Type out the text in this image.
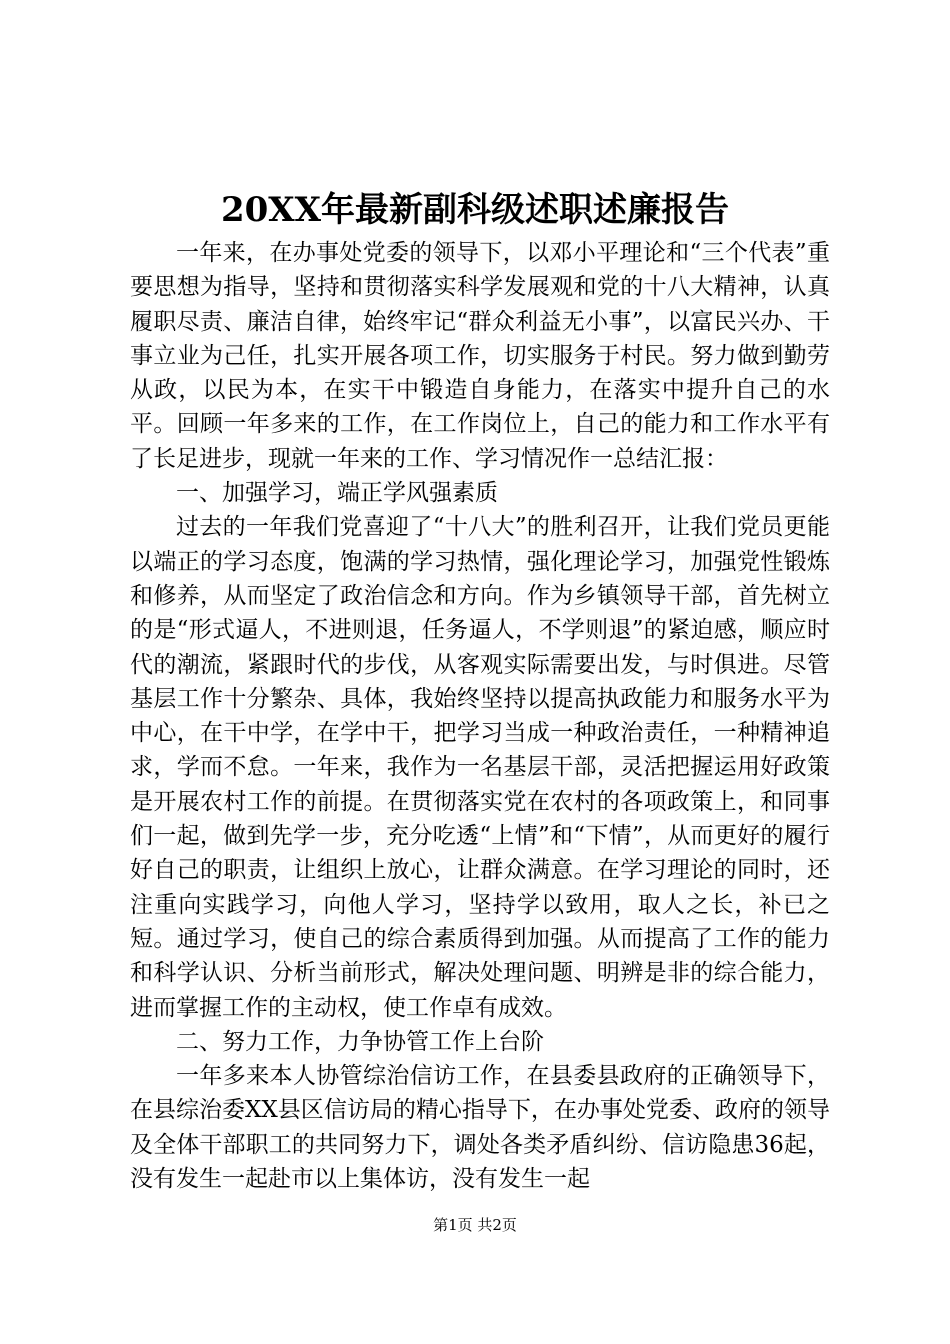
20XX年最新副科级述职述廉报告

一年来，在办事处党委的领导下，以邓小平理论和“三个代表”重要思想为指导，坚持和贯彻落实科学发展观和党的十八大精神，认真履职尽责、廉洁自律，始终牢记“群众利益无小事”，以富民兴办、干事立业为己任，扎实开展各项工作，切实服务于村民。努力做到勤劳从政，以民为本，在实干中锻造自身能力，在落实中提升自己的水平。回顾一年多来的工作，在工作岗位上，自己的能力和工作水平有了长足进步，现就一年来的工作、学习情况作一总结汇报：

一、加强学习，端正学风强素质

过去的一年我们党喜迎了“十八大”的胜利召开，让我们党员更能以端正的学习态度，饱满的学习热情，强化理论学习，加强党性锻炼和修养，从而坚定了政治信念和方向。作为乡镇领导干部，首先树立的是“形式逼人，不进则退，任务逼人，不学则退”的紧迫感，顺应时代的潮流，紧跟时代的步伐，从客观实际需要出发，与时俱进。尽管基层工作十分繁杂、具体，我始终坚持以提高执政能力和服务水平为中心，在干中学，在学中干，把学习当成一种政治责任，一种精神追求，学而不怠。一年来，我作为一名基层干部，灵活把握运用好政策是开展农村工作的前提。在贯彻落实党在农村的各项政策上，和同事们一起，做到先学一步，充分吃透“上情”和“下情”，从而更好的履行好自己的职责，让组织上放心，让群众满意。在学习理论的同时，还注重向实践学习，向他人学习，坚持学以致用，取人之长，补已之短。通过学习，使自己的综合素质得到加强。从而提高了工作的能力和科学认识、分析当前形式，解决处理问题、明辨是非的综合能力，进而掌握工作的主动权，使工作卓有成效。

二、努力工作，力争协管工作上台阶

一年多来本人协管综治信访工作，在县委县政府的正确领导下，在县综治委XX县区信访局的精心指导下，在办事处党委、政府的领导及全体干部职工的共同努力下，调处各类矛盾纠纷、信访隐患36起，没有发生一起赴市以上集体访，没有发生一起

第1页 共2页
